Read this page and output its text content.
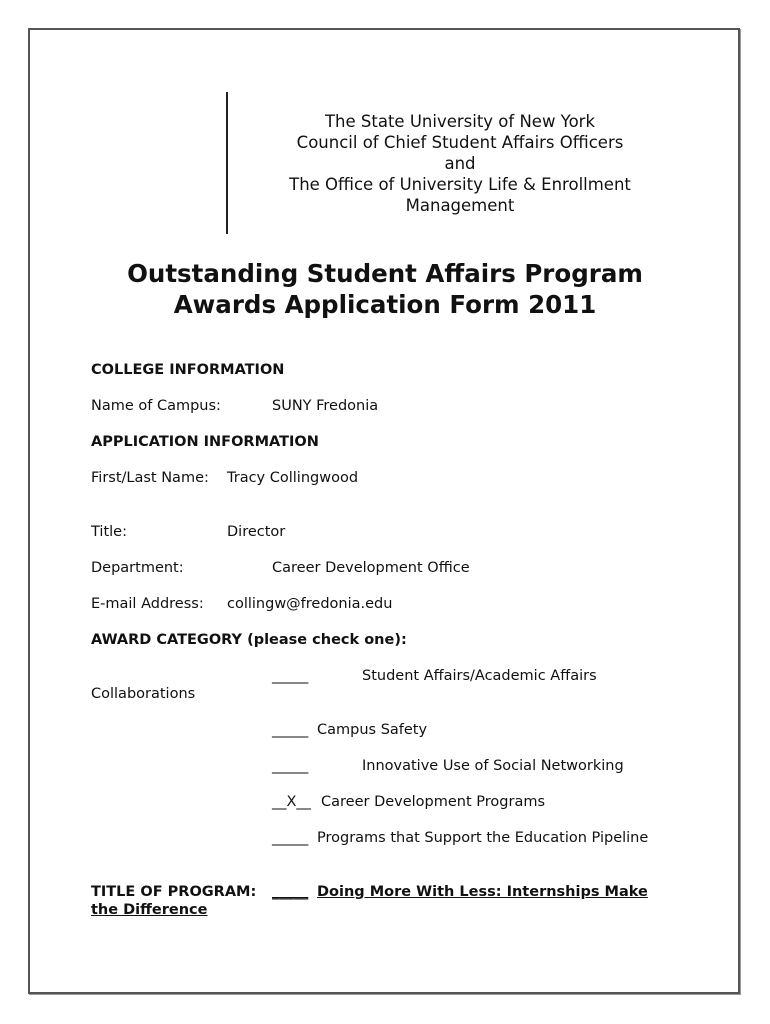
The State University of New York
Council of Chief Student Affairs Officers
and
The Office of University Life & Enrollment
Management
Outstanding Student Affairs Program
Awards Application Form 2011
COLLEGE INFORMATION
Name of Campus:	SUNY Fredonia
APPLICATION INFORMATION
First/Last Name: Tracy Collingwood
Title:	Director
Department:	Career Development Office
E-mail Address: collingw@fredonia.edu
AWARD CATEGORY (please check one):
_____	Student Affairs/Academic Affairs
Collaborations
_____ Campus Safety
_____	Innovative Use of Social Networking
__X__ Career Development Programs
_____ Programs that Support the Education Pipeline
TITLE OF PROGRAM: _____ Doing More With Less: Internships Make
the Difference
